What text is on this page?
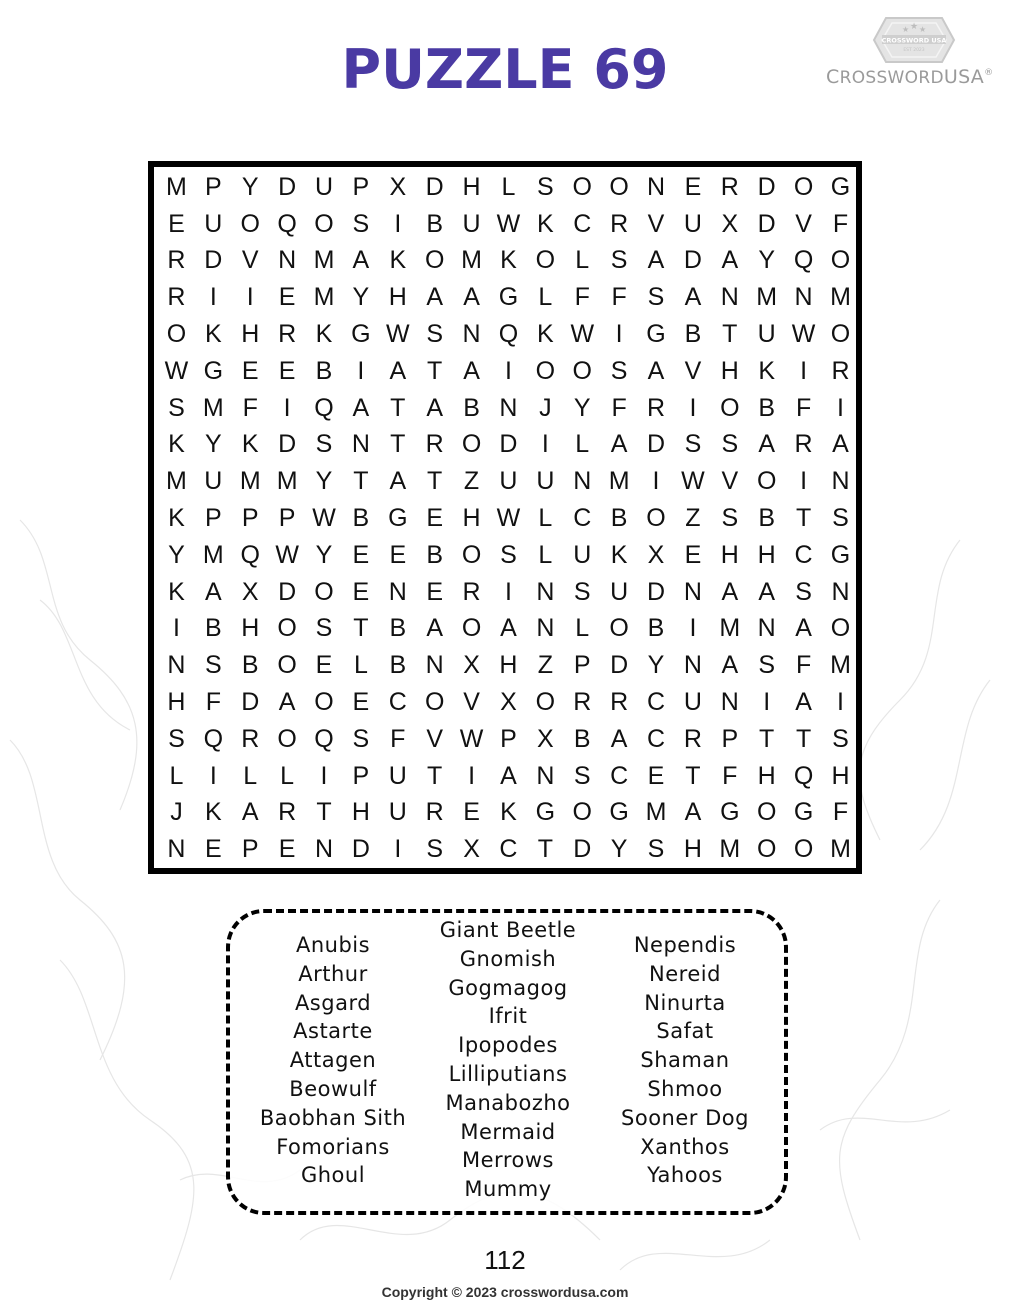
PUZZLE 69
★ ★ ★
CROSSWORD USA
EST 2023
CROSSWORDUSA®
M P Y D U P X D H L S O O N E R D O G
E U O Q O S	I	B U W K C R V U X D V F
R D V N M A K O M K O L S A D A Y Q O
R I	I	E M Y H A A G L F F S A N M N M
O K H R K G W S N Q K W I G B T U W O
W G E E B	I	A T A	I O O S A V H K	I R
S M F	I Q A T A B N J Y F R I O B F	I
K Y K D S N T R O D I	L A D S S A R A
M U M M Y T A T Z U U N M I W V O I N
K P P P W B G E H W L C B O Z S B T S
Y M Q W Y E E B O S L U K X E H H C G
K A X D O E N E R I N S U D N A A S N
I	B H O S T B A O A N L O B	I M N A O
N S B O E L B N X H Z P D Y N A S F M
H F D A O E C O V X O R R C U N I	A	I
S Q R O Q S F V W P X B A C R P T T S
L	I	L L	I	P U T	I	A N S C E T F H Q H
J K A R T H U R E K G O G M A G O G F
N E P E N D I	S X C T D Y S H M O O M
Anubis
Arthur
Asgard
Astarte
Attagen
Beowulf
Baobhan Sith
Fomorians
Ghoul
Giant Beetle
Gnomish
Gogmagog
Ifrit
Ipopodes
Lilliputians
Manabozho
Mermaid
Merrows
Mummy
Nependis
Nereid
Ninurta
Safat
Shaman
Shmoo
Sooner Dog
Xanthos
Yahoos
112
Copyright © 2023 crosswordusa.com
